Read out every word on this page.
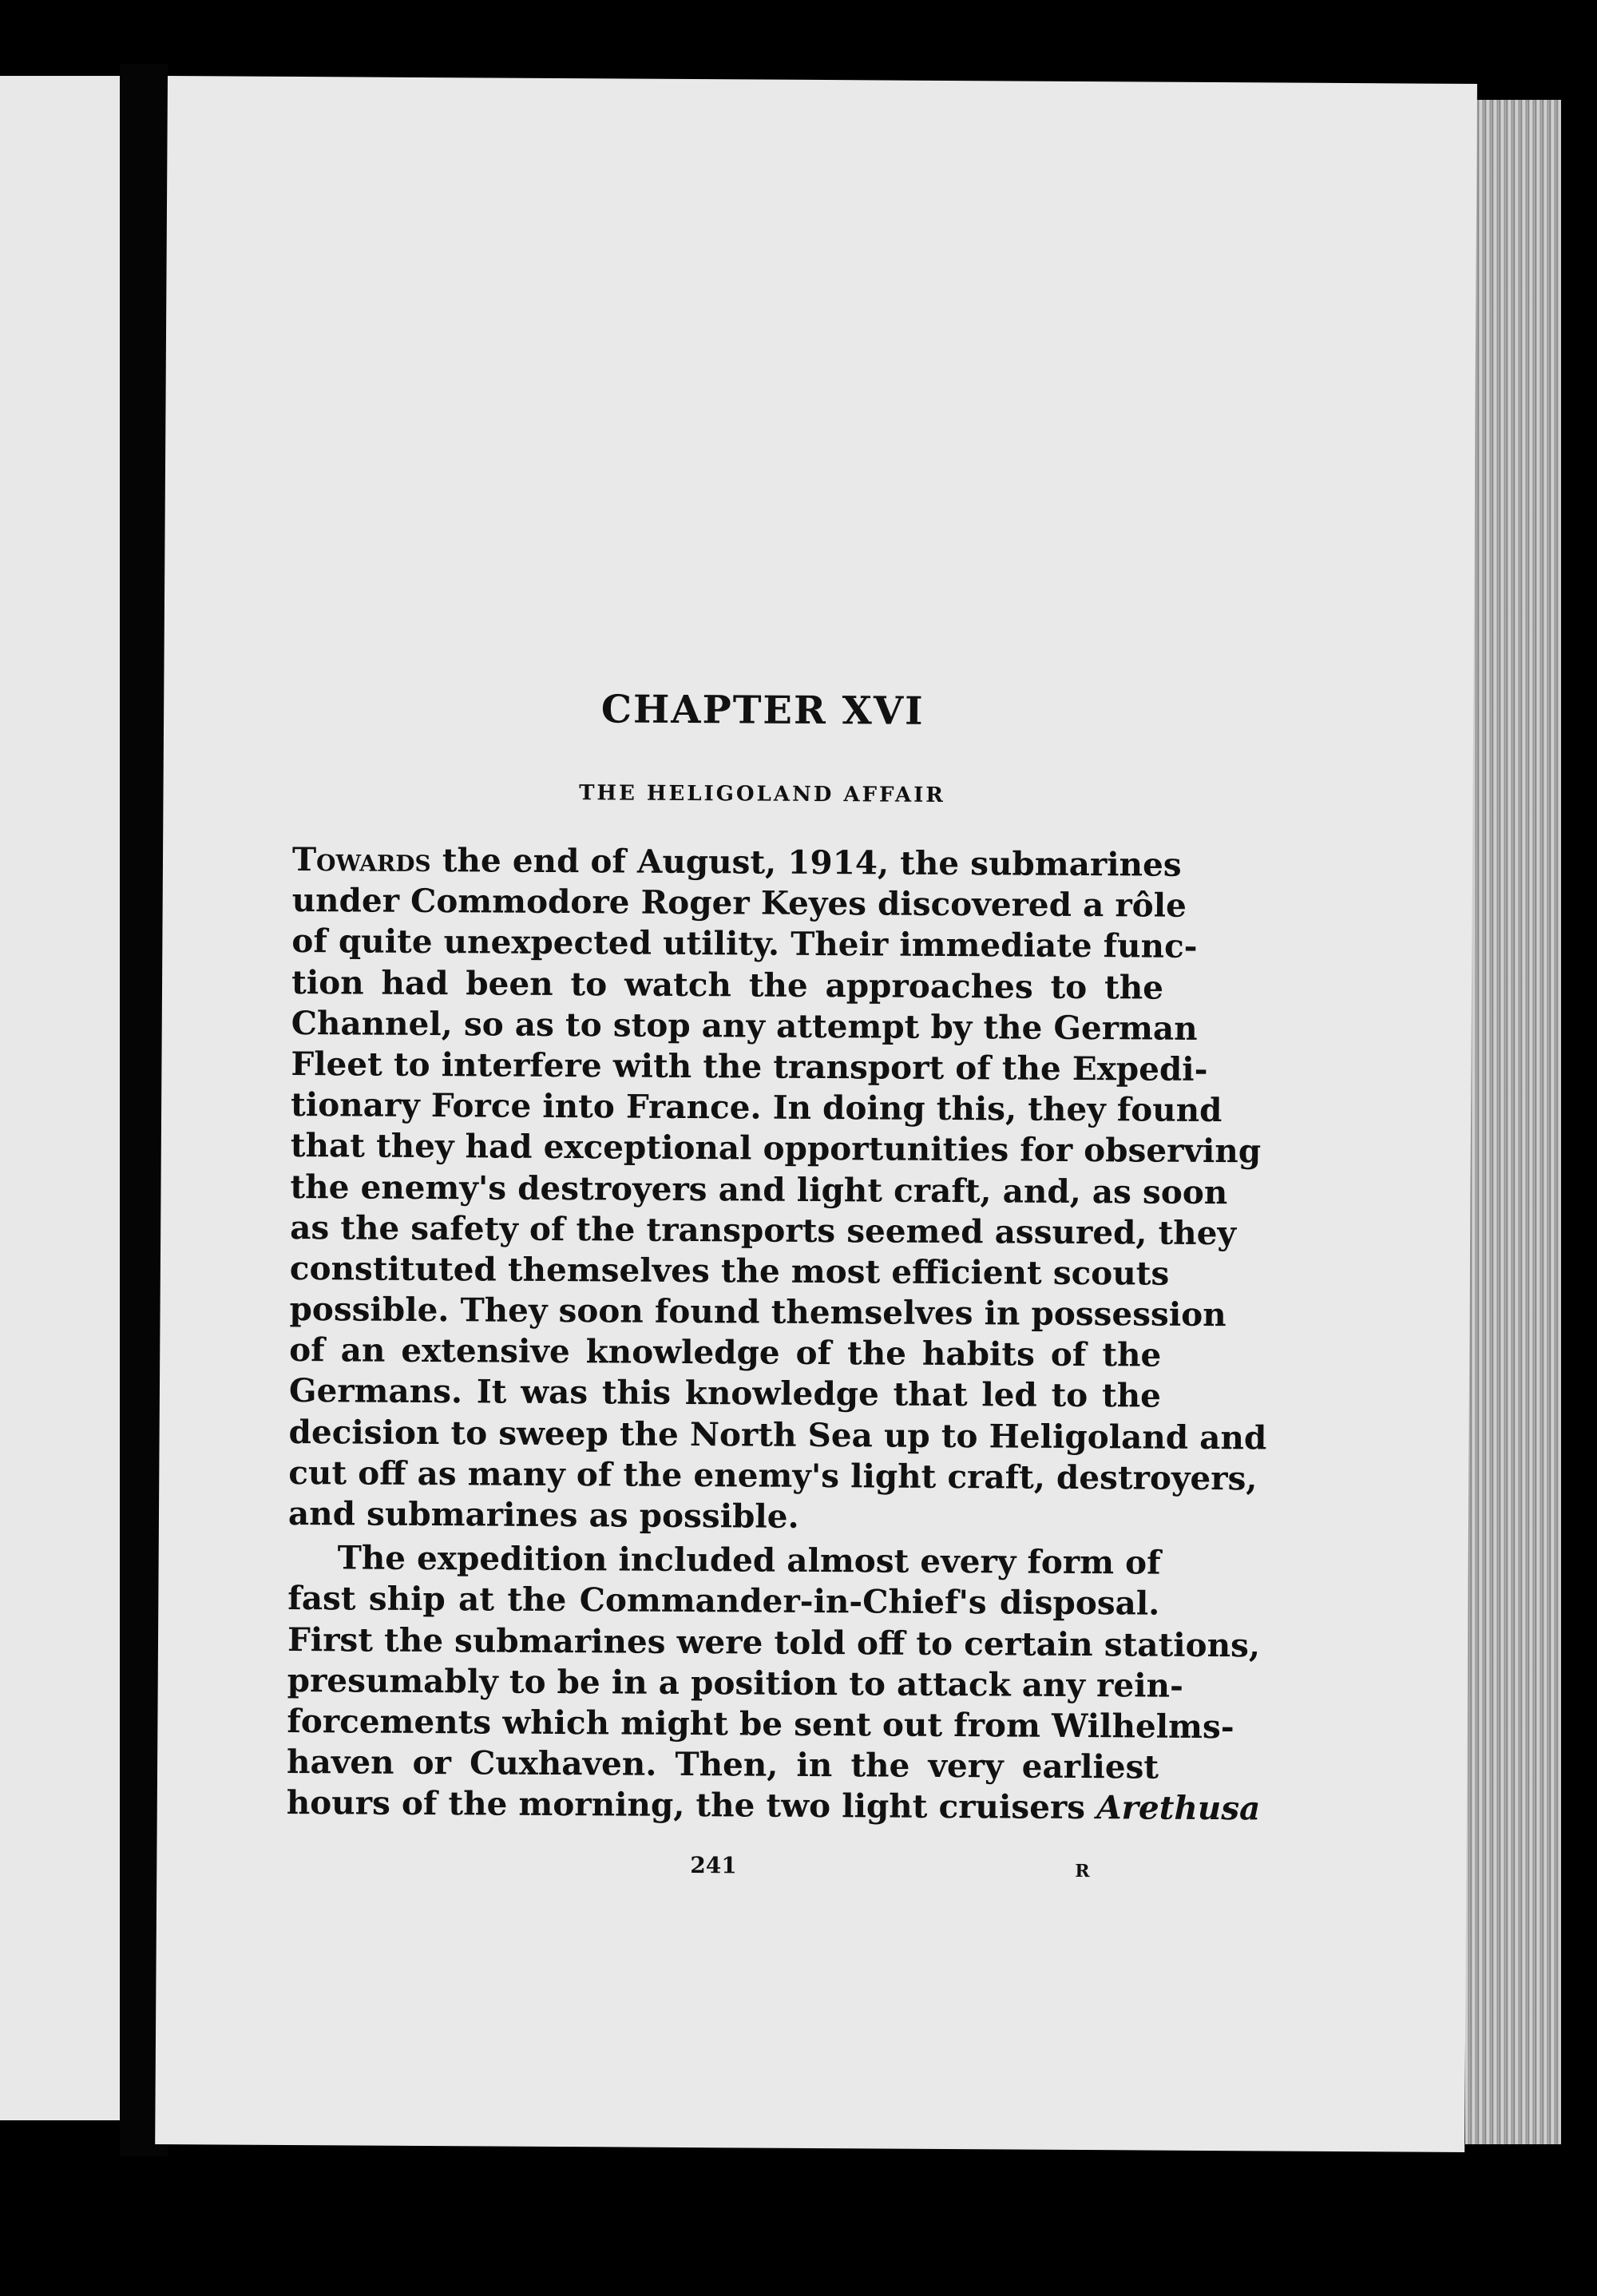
CHAPTER XVI
THE HELIGOLAND AFFAIR
Towards the end of August, 1914, the submarines
under Commodore Roger Keyes discovered a rôle
of quite unexpected utility. Their immediate func-
tion had been to watch the approaches to the
Channel, so as to stop any attempt by the German
Fleet to interfere with the transport of the Expedi-
tionary Force into France. In doing this, they found
that they had exceptional opportunities for observing
the enemy's destroyers and light craft, and, as soon
as the safety of the transports seemed assured, they
constituted themselves the most efficient scouts
possible. They soon found themselves in possession
of an extensive knowledge of the habits of the
Germans. It was this knowledge that led to the
decision to sweep the North Sea up to Heligoland and
cut off as many of the enemy's light craft, destroyers,
and submarines as possible.
The expedition included almost every form of
fast ship at the Commander-in-Chief's disposal.
First the submarines were told off to certain stations,
presumably to be in a position to attack any rein-
forcements which might be sent out from Wilhelms-
haven or Cuxhaven. Then, in the very earliest
hours of the morning, the two light cruisers Arethusa
241	R
